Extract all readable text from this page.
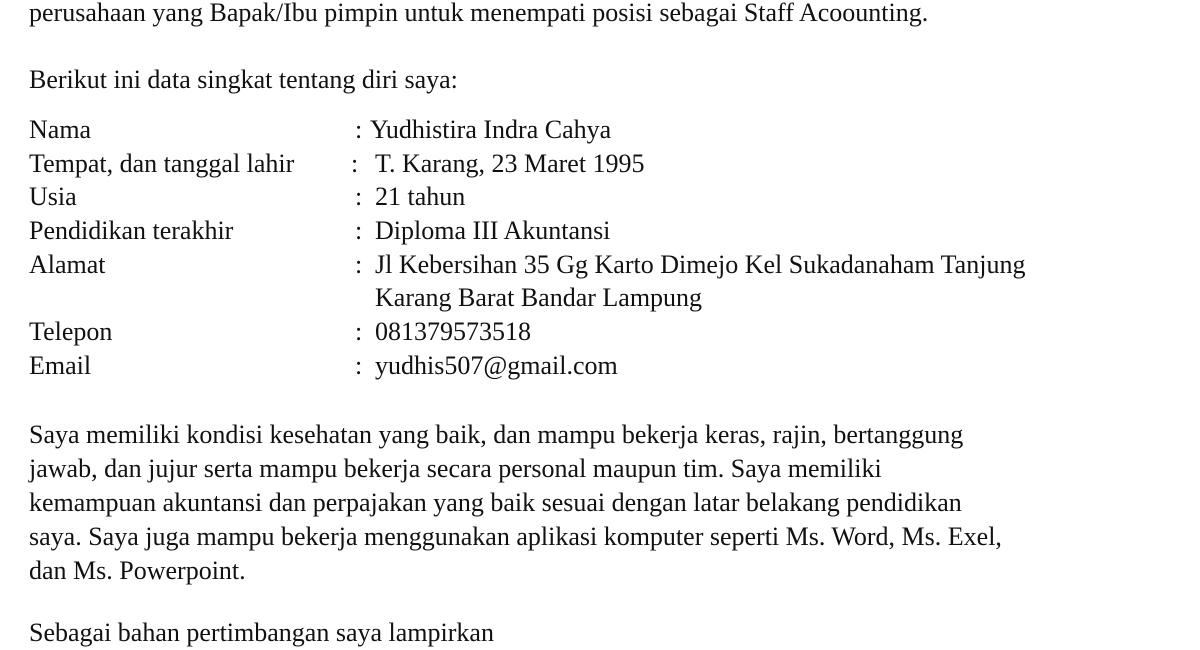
perusahaan yang Bapak/Ibu pimpin untuk menempati posisi sebagai Staff Acoounting.
Berikut ini data singkat tentang diri saya:
Nama	: Yudhistira Indra Cahya
Tempat, dan tanggal lahir : T. Karang, 23 Maret 1995
Usia	: 21 tahun
Pendidikan terakhir	: Diploma III Akuntansi
Alamat	: Jl Kebersihan 35 Gg Karto Dimejo Kel Sukadanaham Tanjung
Karang Barat Bandar Lampung
Telepon	: 081379573518
Email	: yudhis507@gmail.com
Saya memiliki kondisi kesehatan yang baik, dan mampu bekerja keras, rajin, bertanggung
jawab, dan jujur serta mampu bekerja secara personal maupun tim. Saya memiliki
kemampuan akuntansi dan perpajakan yang baik sesuai dengan latar belakang pendidikan
saya. Saya juga mampu bekerja menggunakan aplikasi komputer seperti Ms. Word, Ms. Exel,
dan Ms. Powerpoint.
Sebagai bahan pertimbangan saya lampirkan
